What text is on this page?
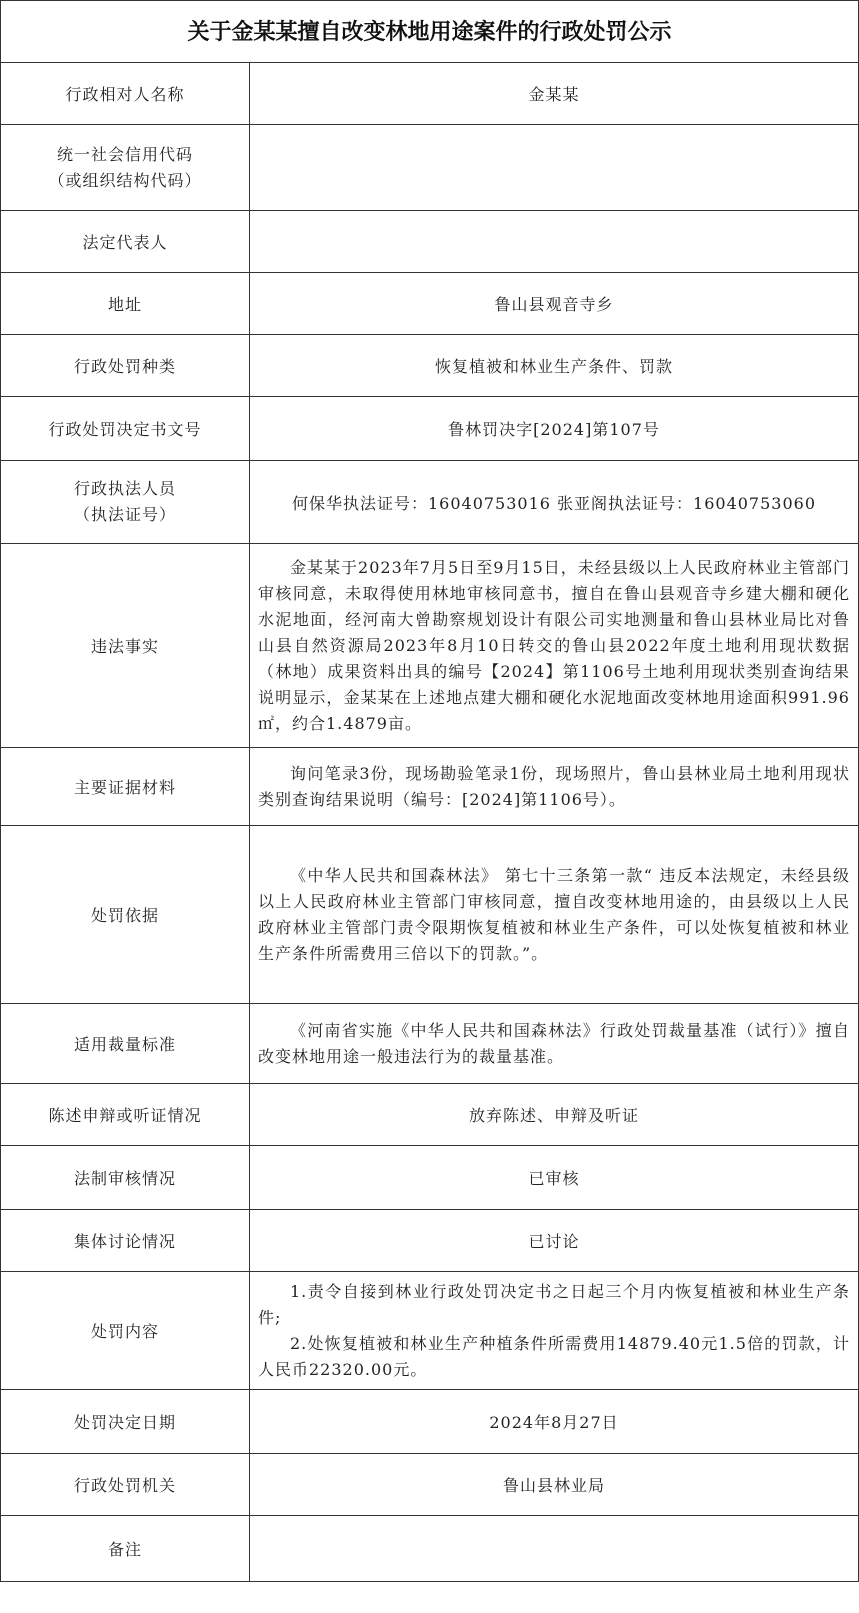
关于金某某擅自改变林地用途案件的行政处罚公示
行政相对人名称	金某某

统一社会信用代码
（或组织结构代码）	

法定代表人	
地址	鲁山县观音寺乡
行政处罚种类	恢复植被和林业生产条件、罚款
行政处罚决定书文号	鲁林罚决字[2024]第107号

行政执法人员
（执法证号）	何保华执法证号：16040753016 张亚阁执法证号：16040753060
违法事实	金某某于2023年7月5日至9月15日，未经县级以上人民政府林业主管部门审核同意，未取得使用林地审核同意书，擅自在鲁山县观音寺乡建大棚和硬化水泥地面，经河南大曾勘察规划设计有限公司实地测量和鲁山县林业局比对鲁山县自然资源局2023年8月10日转交的鲁山县2022年度土地利用现状数据（林地）成果资料出具的编号【2024】第1106号土地利用现状类别查询结果说明显示，金某某在上述地点建大棚和硬化水泥地面改变林地用途面积991.96㎡，约合1.4879亩。

主要证据材料	询问笔录3份，现场勘验笔录1份，现场照片，鲁山县林业局土地利用现状类别查询结果说明（编号：[2024]第1106号）。

处罚依据	《中华人民共和国森林法》 第七十三条第一款“ 违反本法规定，未经县级以上人民政府林业主管部门审核同意，擅自改变林地用途的，由县级以上人民政府林业主管部门责令限期恢复植被和林业生产条件，可以处恢复植被和林业生产条件所需费用三倍以下的罚款。”。

适用裁量标准	《河南省实施《中华人民共和国森林法》行政处罚裁量基准（试行）》擅自改变林地用途一般违法行为的裁量基准。

陈述申辩或听证情况	放弃陈述、申辩及听证
法制审核情况	已审核
集体讨论情况	已讨论
处罚内容	1.责令自接到林业行政处罚决定书之日起三个月内恢复植被和林业生产条件;
2.处恢复植被和林业生产种植条件所需费用14879.40元1.5倍的罚款，计人民币22320.00元。

处罚决定日期	2024年8月27日
行政处罚机关	鲁山县林业局
备注	
